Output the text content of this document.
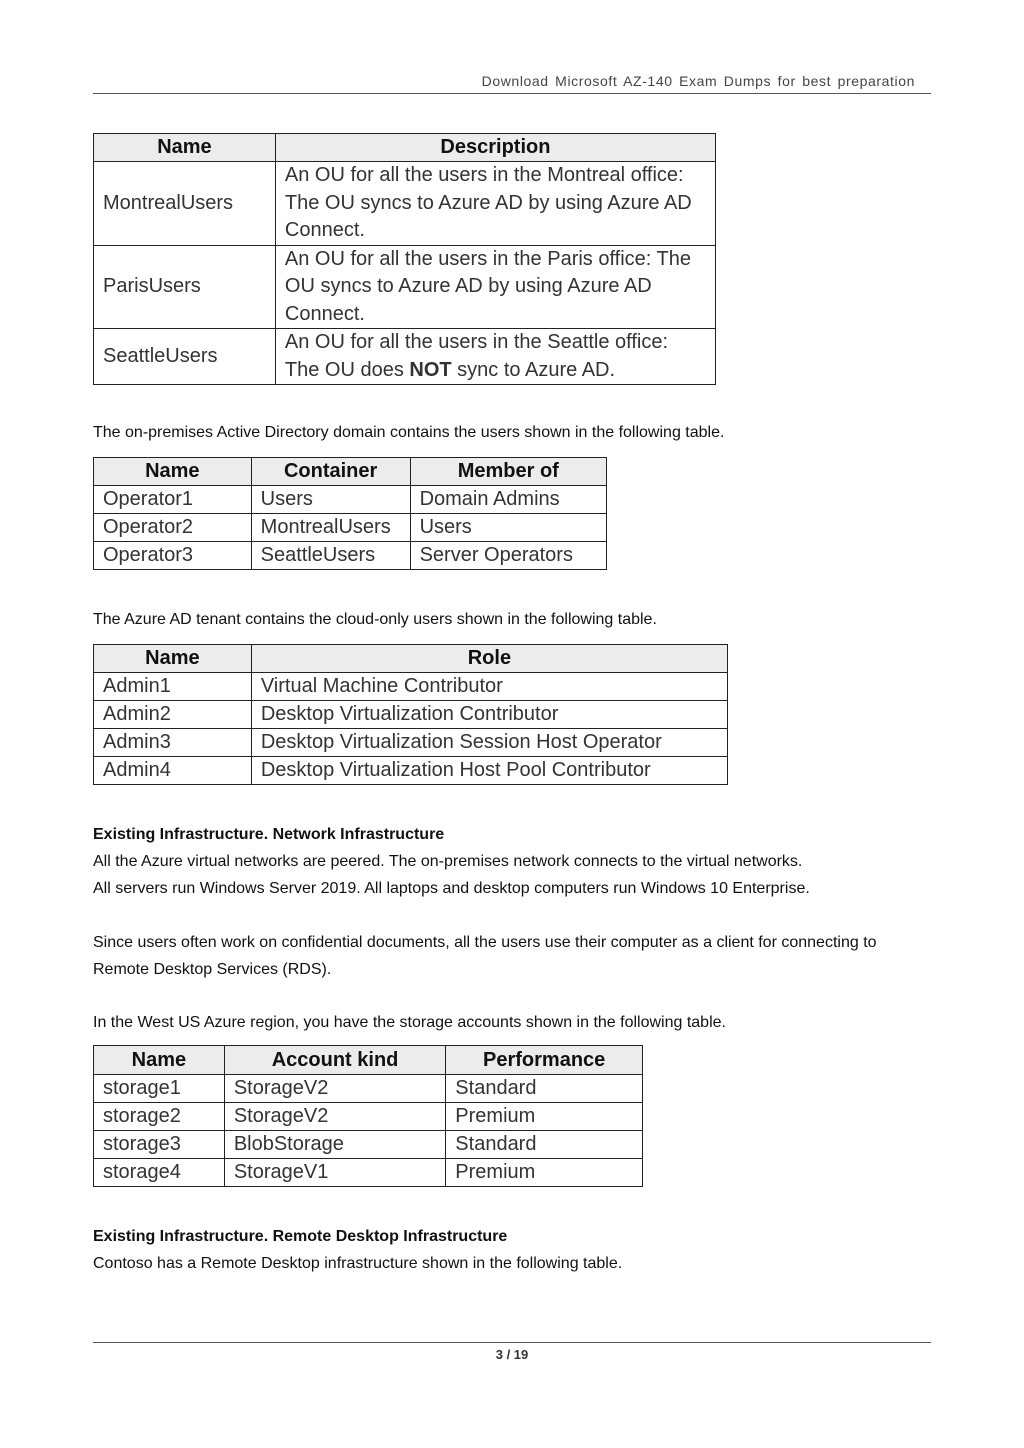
Download Microsoft AZ-140 Exam Dumps for best preparation
Name	Description
MontrealUsers	An OU for all the users in the Montreal office: The OU syncs to Azure AD by using Azure AD Connect.
ParisUsers	An OU for all the users in the Paris office: The OU syncs to Azure AD by using Azure AD Connect.
SeattleUsers	An OU for all the users in the Seattle office: The OU does NOT sync to Azure AD.
The on-premises Active Directory domain contains the users shown in the following table.
Name	Container	Member of
Operator1	Users	Domain Admins
Operator2	MontrealUsers	Users
Operator3	SeattleUsers	Server Operators
The Azure AD tenant contains the cloud-only users shown in the following table.
Name	Role
Admin1	Virtual Machine Contributor
Admin2	Desktop Virtualization Contributor
Admin3	Desktop Virtualization Session Host Operator
Admin4	Desktop Virtualization Host Pool Contributor
Existing Infrastructure. Network Infrastructure
All the Azure virtual networks are peered. The on-premises network connects to the virtual networks.
All servers run Windows Server 2019. All laptops and desktop computers run Windows 10 Enterprise.
Since users often work on confidential documents, all the users use their computer as a client for connecting to Remote Desktop Services (RDS).
In the West US Azure region, you have the storage accounts shown in the following table.
Name	Account kind	Performance
storage1	StorageV2	Standard
storage2	StorageV2	Premium
storage3	BlobStorage	Standard
storage4	StorageV1	Premium
Existing Infrastructure. Remote Desktop Infrastructure
Contoso has a Remote Desktop infrastructure shown in the following table.
3 / 19
